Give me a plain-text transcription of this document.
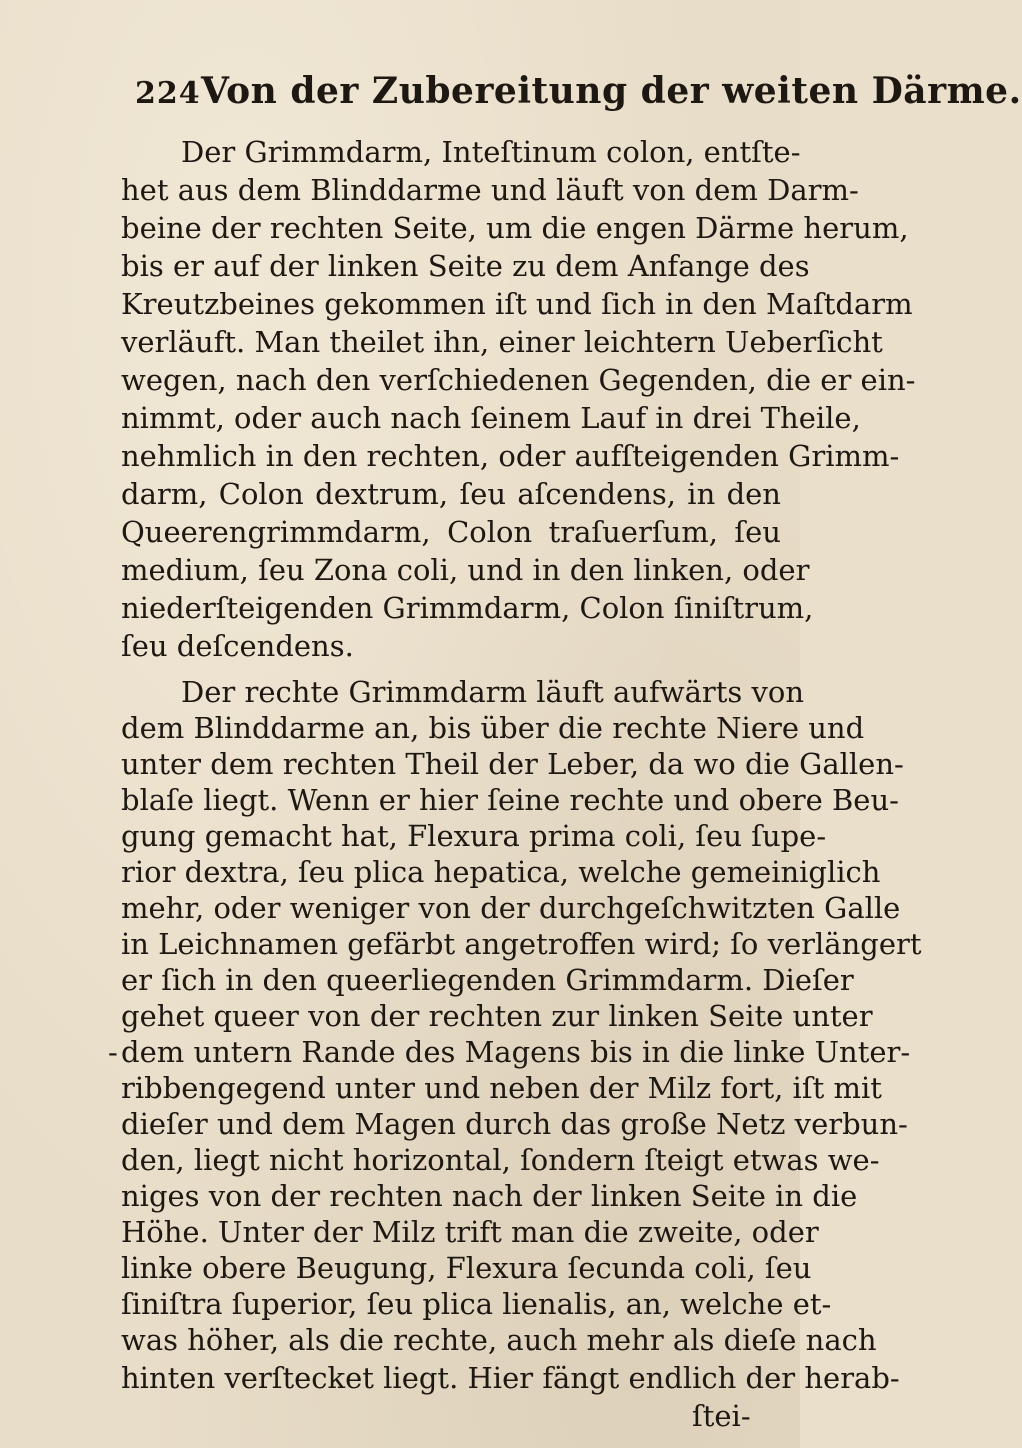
224 Von der Zubereitung der weiten Därme.
Der Grimmdarm, Inteſtinum colon, entſte-
het aus dem Blinddarme und läuft von dem Darm-
beine der rechten Seite, um die engen Därme herum,
bis er auf der linken Seite zu dem Anfange des
Kreutzbeines gekommen iſt und ſich in den Maſtdarm
verläuft. Man theilet ihn, einer leichtern Ueberſicht
wegen, nach den verſchiedenen Gegenden, die er ein-
nimmt, oder auch nach ſeinem Lauf in drei Theile,
nehmlich in den rechten, oder aufſteigenden Grimm-
darm, Colon dextrum, ſeu aſcendens, in den
Queerengrimmdarm, Colon traſuerſum, ſeu
medium, ſeu Zona coli, und in den linken, oder
niederſteigenden Grimmdarm, Colon ſiniſtrum,
ſeu deſcendens.
Der rechte Grimmdarm läuft aufwärts von
dem Blinddarme an, bis über die rechte Niere und
unter dem rechten Theil der Leber, da wo die Gallen-
blaſe liegt. Wenn er hier ſeine rechte und obere Beu-
gung gemacht hat, Flexura prima coli, ſeu ſupe-
rior dextra, ſeu plica hepatica, welche gemeiniglich
mehr, oder weniger von der durchgeſchwitzten Galle
in Leichnamen gefärbt angetroffen wird; ſo verlängert
er ſich in den queerliegenden Grimmdarm. Dieſer
gehet queer von der rechten zur linken Seite unter
dem untern Rande des Magens bis in die linke Unter-
ribbengegend unter und neben der Milz fort, iſt mit
dieſer und dem Magen durch das große Netz verbun-
den, liegt nicht horizontal, ſondern ſteigt etwas we-
niges von der rechten nach der linken Seite in die
Höhe. Unter der Milz trift man die zweite, oder
linke obere Beugung, Flexura ſecunda coli, ſeu
ſiniſtra ſuperior, ſeu plica lienalis, an, welche et-
was höher, als die rechte, auch mehr als dieſe nach
-
ſtei-
hinten verſtecket liegt. Hier fängt endlich der herab-
